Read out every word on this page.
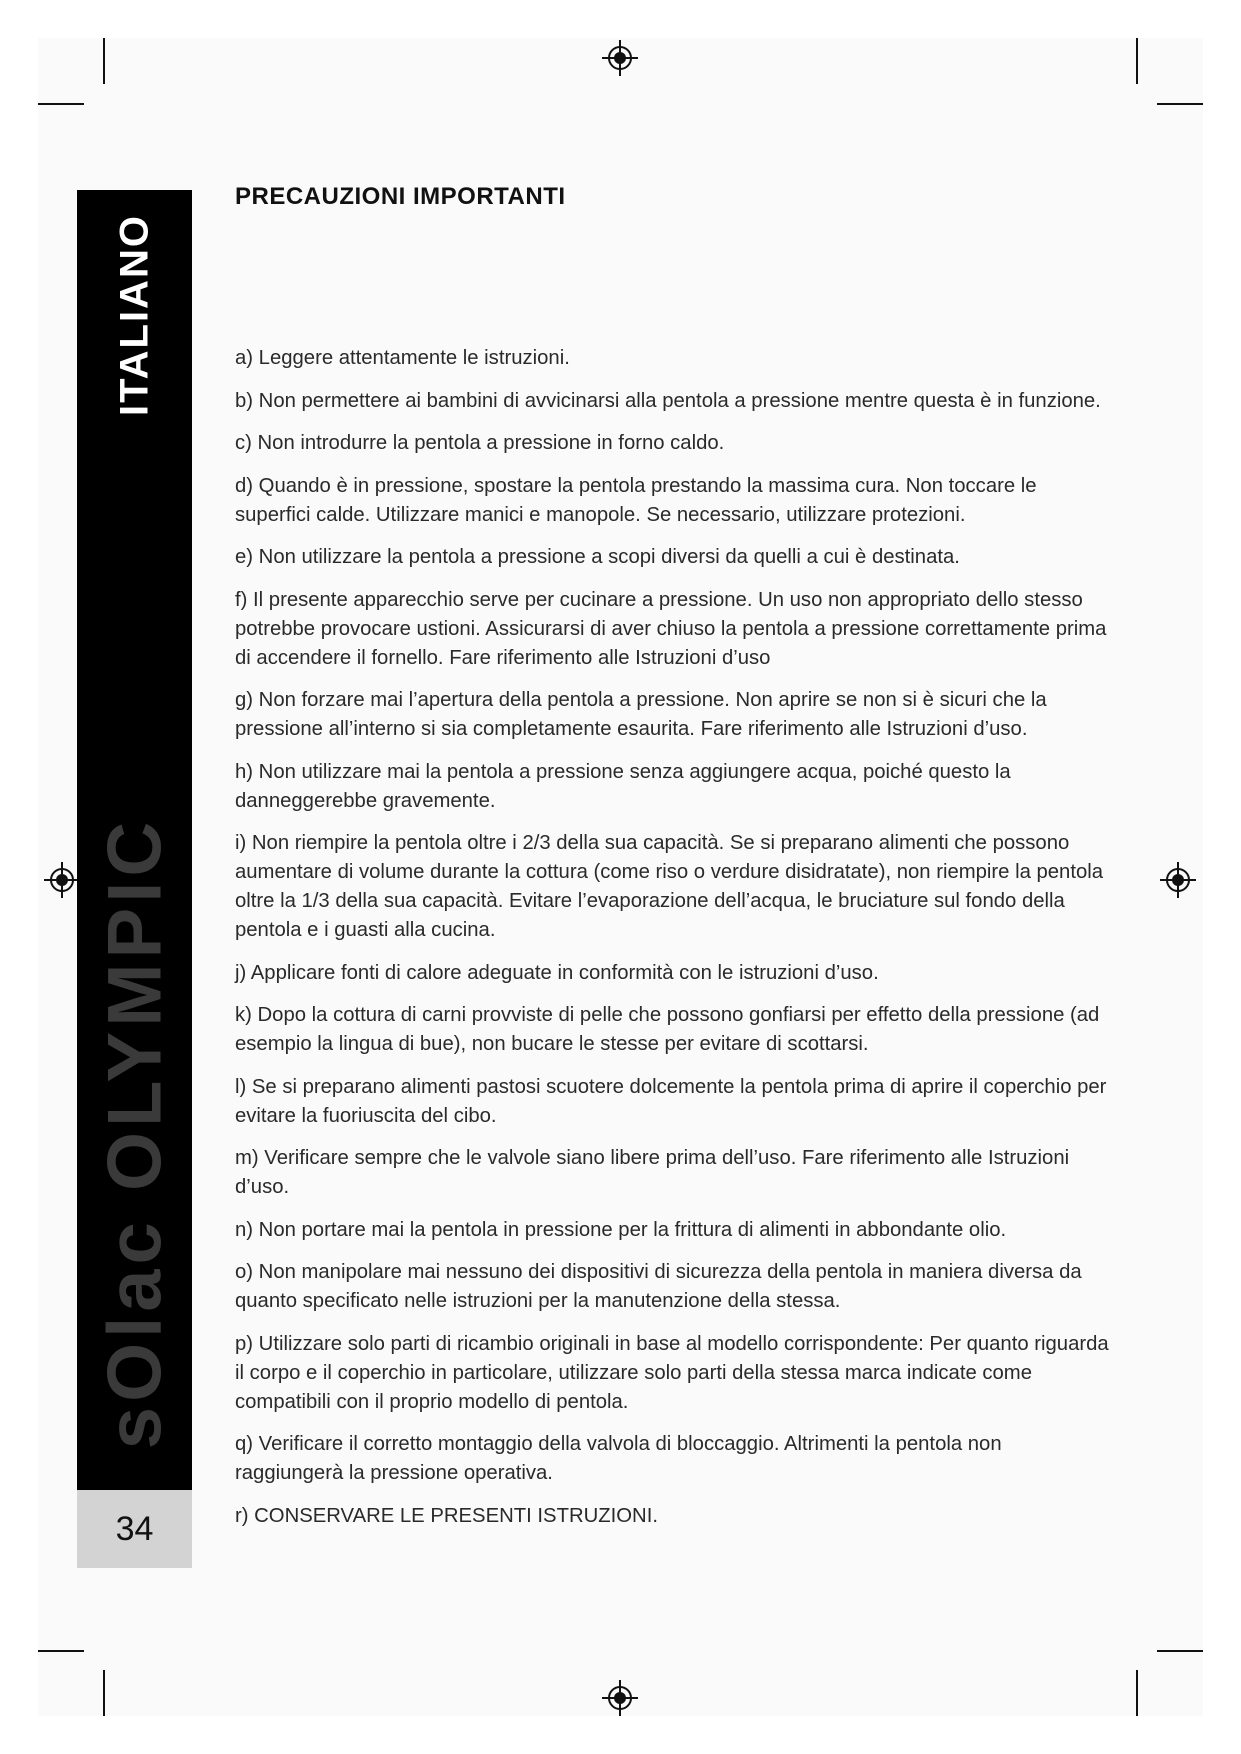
ITALIANO
sOlac OLYMPIC
34
PRECAUZIONI IMPORTANTI
a) Leggere attentamente le istruzioni.
b) Non permettere ai bambini di avvicinarsi alla pentola a pressione mentre questa è in funzione.
c) Non introdurre la pentola a pressione in forno caldo.
d) Quando è in pressione, spostare la pentola prestando la massima cura. Non toccare le superfici calde. Utilizzare manici e manopole. Se necessario, utilizzare protezioni.
e) Non utilizzare la pentola a pressione a scopi diversi da quelli a cui è destinata.
f) Il presente apparecchio serve per cucinare a pressione. Un uso non appropriato dello stesso potrebbe provocare ustioni. Assicurarsi di aver chiuso la pentola a pressione correttamente prima di accendere il fornello. Fare riferimento alle Istruzioni d’uso
g) Non forzare mai l’apertura della pentola a pressione. Non aprire se non si è sicuri che la pressione all’interno si sia completamente esaurita. Fare riferimento alle Istruzioni d’uso.
h) Non utilizzare mai la pentola a pressione senza aggiungere acqua, poiché questo la danneggerebbe gravemente.
i) Non riempire la pentola oltre i 2/3 della sua capacità. Se si preparano alimenti che possono aumentare di volume durante la cottura (come riso o verdure disidratate), non riempire la pentola oltre la 1/3 della sua capacità. Evitare l’evaporazione dell’acqua, le bruciature sul fondo della pentola e i guasti alla cucina.
j) Applicare fonti di calore adeguate in conformità con le istruzioni d’uso.
k) Dopo la cottura di carni provviste di pelle che possono gonfiarsi per effetto della pressione (ad esempio la lingua di bue), non bucare le stesse per evitare di scottarsi.
l) Se si preparano alimenti pastosi scuotere dolcemente la pentola prima di aprire il coperchio per evitare la fuoriuscita del cibo.
m) Verificare sempre che le valvole siano libere prima dell’uso. Fare riferimento alle Istruzioni d’uso.
n) Non portare mai la pentola in pressione per la frittura di alimenti in abbondante olio.
o) Non manipolare mai nessuno dei dispositivi di sicurezza della pentola in maniera diversa da quanto specificato nelle istruzioni per la manutenzione della stessa.
p) Utilizzare solo parti di ricambio originali in base al modello corrispondente: Per quanto riguarda il corpo e il coperchio in particolare, utilizzare solo parti della stessa marca indicate come compatibili con il proprio modello di pentola.
q) Verificare il corretto montaggio della valvola di bloccaggio. Altrimenti la pentola non raggiungerà la pressione operativa.
r) CONSERVARE LE PRESENTI ISTRUZIONI.
